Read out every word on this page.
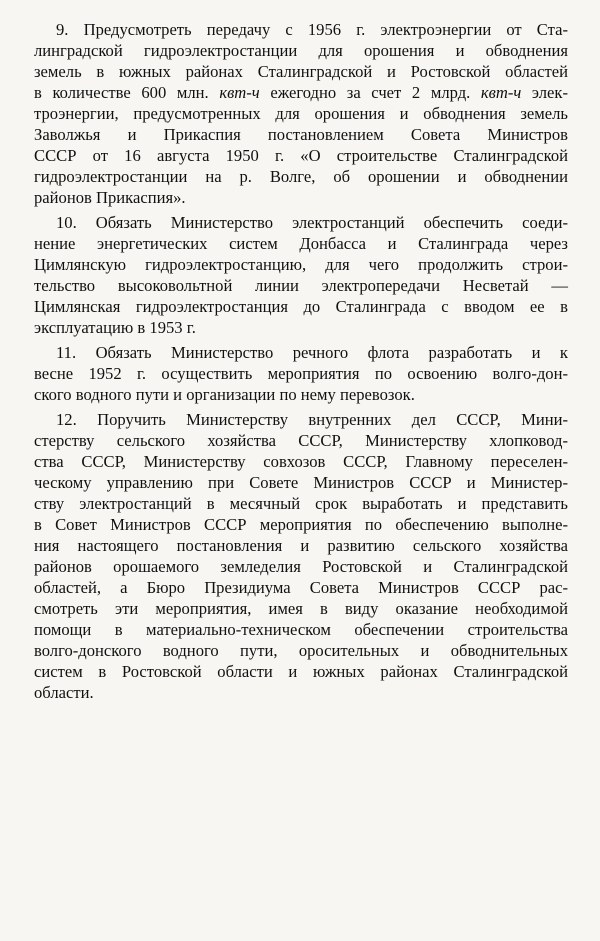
9. Предусмотреть передачу с 1956 г. электроэнергии от Ста-
линградской гидроэлектростанции для орошения и обводнения
земель в южных районах Сталинградской и Ростовской областей
в количестве 600 млн. квт-ч ежегодно за счет 2 млрд. квт-ч элек-
троэнергии, предусмотренных для орошения и обводнения земель
Заволжья и Прикаспия постановлением Совета Министров
СССР от 16 августа 1950 г. «О строительстве Сталинградской
гидроэлектростанции на р. Волге, об орошении и обводнении
районов Прикаспия».
10. Обязать Министерство электростанций обеспечить соеди-
нение энергетических систем Донбасса и Сталинграда через
Цимлянскую гидроэлектростанцию, для чего продолжить строи-
тельство высоковольтной линии электропередачи Несветай —
Цимлянская гидроэлектростанция до Сталинграда с вводом ее в
эксплуатацию в 1953 г.
11. Обязать Министерство речного флота разработать и к
весне 1952 г. осуществить мероприятия по освоению волго-дон-
ского водного пути и организации по нему перевозок.
12. Поручить Министерству внутренних дел СССР, Мини-
стерству сельского хозяйства СССР, Министерству хлопковод-
ства СССР, Министерству совхозов СССР, Главному переселен-
ческому управлению при Совете Министров СССР и Министер-
ству электростанций в месячный срок выработать и представить
в Совет Министров СССР мероприятия по обеспечению выполне-
ния настоящего постановления и развитию сельского хозяйства
районов орошаемого земледелия Ростовской и Сталинградской
областей, а Бюро Президиума Совета Министров СССР рас-
смотреть эти мероприятия, имея в виду оказание необходимой
помощи в материально-техническом обеспечении строительства
волго-донского водного пути, оросительных и обводнительных
систем в Ростовской области и южных районах Сталинградской
области.
